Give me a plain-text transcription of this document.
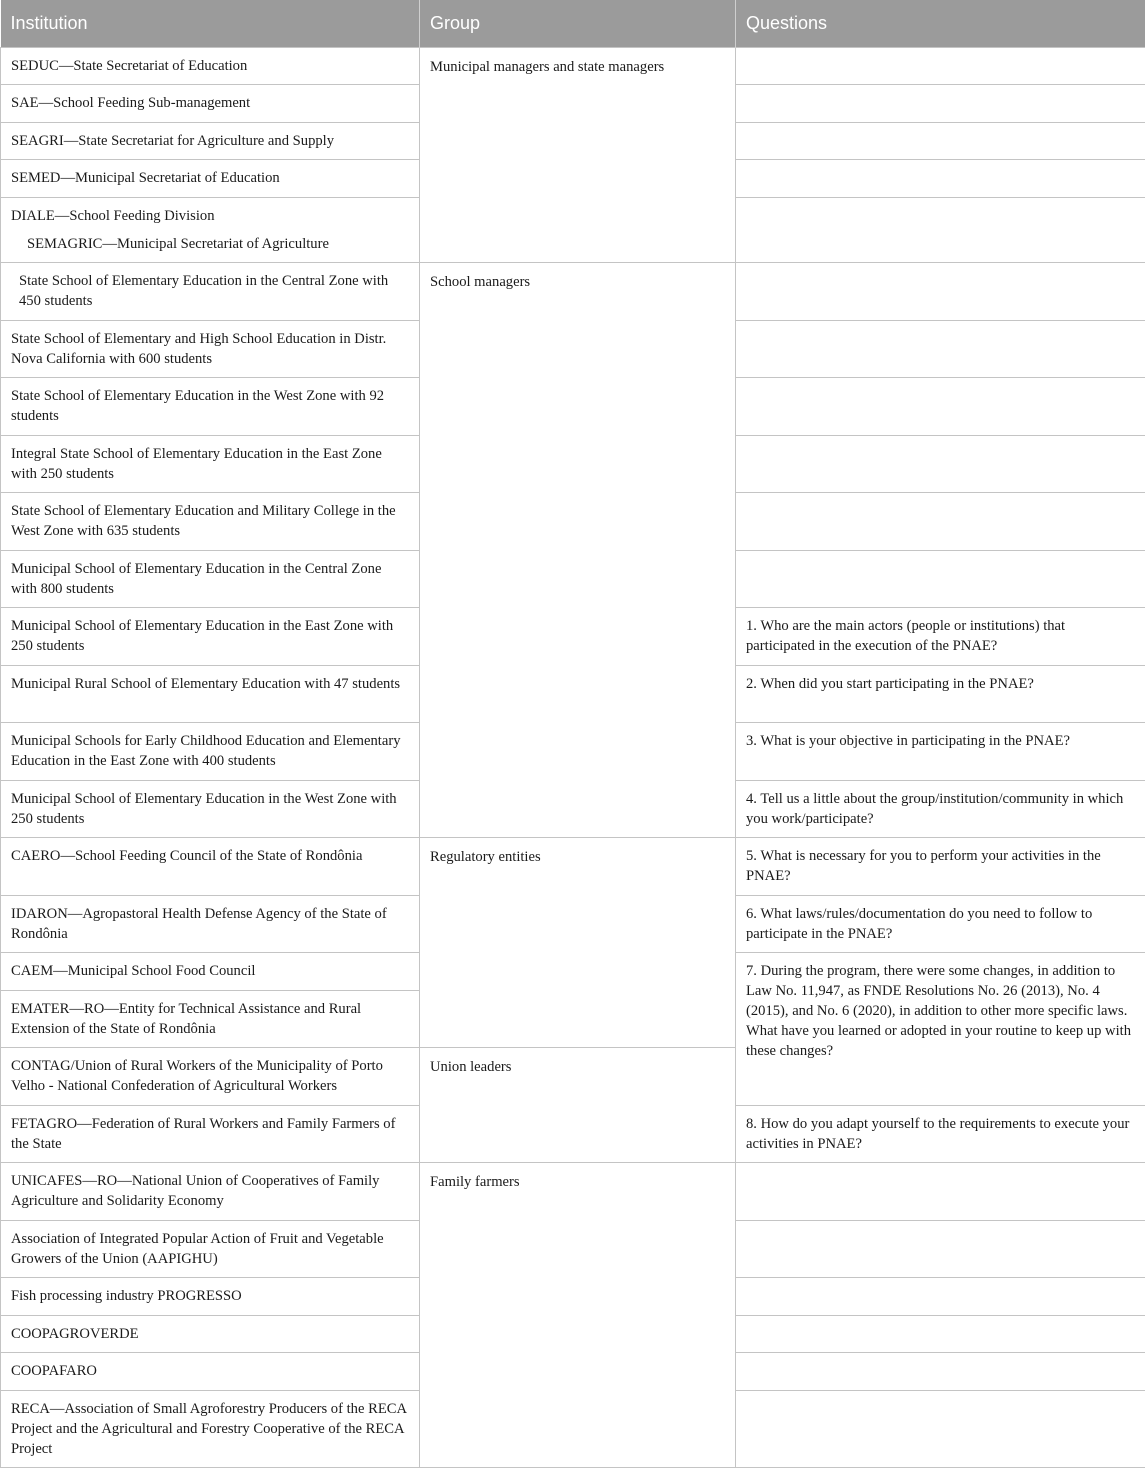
Institution	Group	Questions
SEDUC—State Secretariat of Education	Municipal managers and state managers	
SAE—School Feeding Sub-management		
SEAGRI—State Secretariat for Agriculture and Supply		
SEMED—Municipal Secretariat of Education		
DIALE—School Feeding Division
SEMAGRIC—Municipal Secretariat of Agriculture		

State School of Elementary Education in the Central Zone with 450 students	School managers	
State School of Elementary and High School Education in Distr. Nova California with 600 students		
State School of Elementary Education in the West Zone with 92 students		
Integral State School of Elementary Education in the East Zone with 250 students		
State School of Elementary Education and Military College in the West Zone with 635 students		
Municipal School of Elementary Education in the Central Zone with 800 students		
Municipal School of Elementary Education in the East Zone with 250 students		1. Who are the main actors (people or institutions) that participated in the execution of the PNAE?
Municipal Rural School of Elementary Education with 47 students		2. When did you start participating in the PNAE?
Municipal Schools for Early Childhood Education and Elementary Education in the East Zone with 400 students		3. What is your objective in participating in the PNAE?
Municipal School of Elementary Education in the West Zone with 250 students		4. Tell us a little about the group/institution/community in which you work/participate?
CAERO—School Feeding Council of the State of Rondônia	Regulatory entities	5. What is necessary for you to perform your activities in the PNAE?
IDARON—Agropastoral Health Defense Agency of the State of Rondônia		6. What laws/rules/documentation do you need to follow to participate in the PNAE?
CAEM—Municipal School Food Council		7. During the program, there were some changes, in addition to Law No. 11,947, as FNDE Resolutions No. 26 (2013), No. 4 (2015), and No. 6 (2020), in addition to other more specific laws. What have you learned or adopted in your routine to keep up with these changes?
EMATER—RO—Entity for Technical Assistance and Rural Extension of the State of Rondônia		
CONTAG/Union of Rural Workers of the Municipality of Porto Velho - National Confederation of Agricultural Workers	Union leaders	
FETAGRO—Federation of Rural Workers and Family Farmers of the State		8. How do you adapt yourself to the requirements to execute your activities in PNAE?
UNICAFES—RO—National Union of Cooperatives of Family Agriculture and Solidarity Economy	Family farmers	
Association of Integrated Popular Action of Fruit and Vegetable Growers of the Union (AAPIGHU)		
Fish processing industry PROGRESSO		
COOPAGROVERDE		
COOPAFARO		
RECA—Association of Small Agroforestry Producers of the RECA Project and the Agricultural and Forestry Cooperative of the RECA Project		
